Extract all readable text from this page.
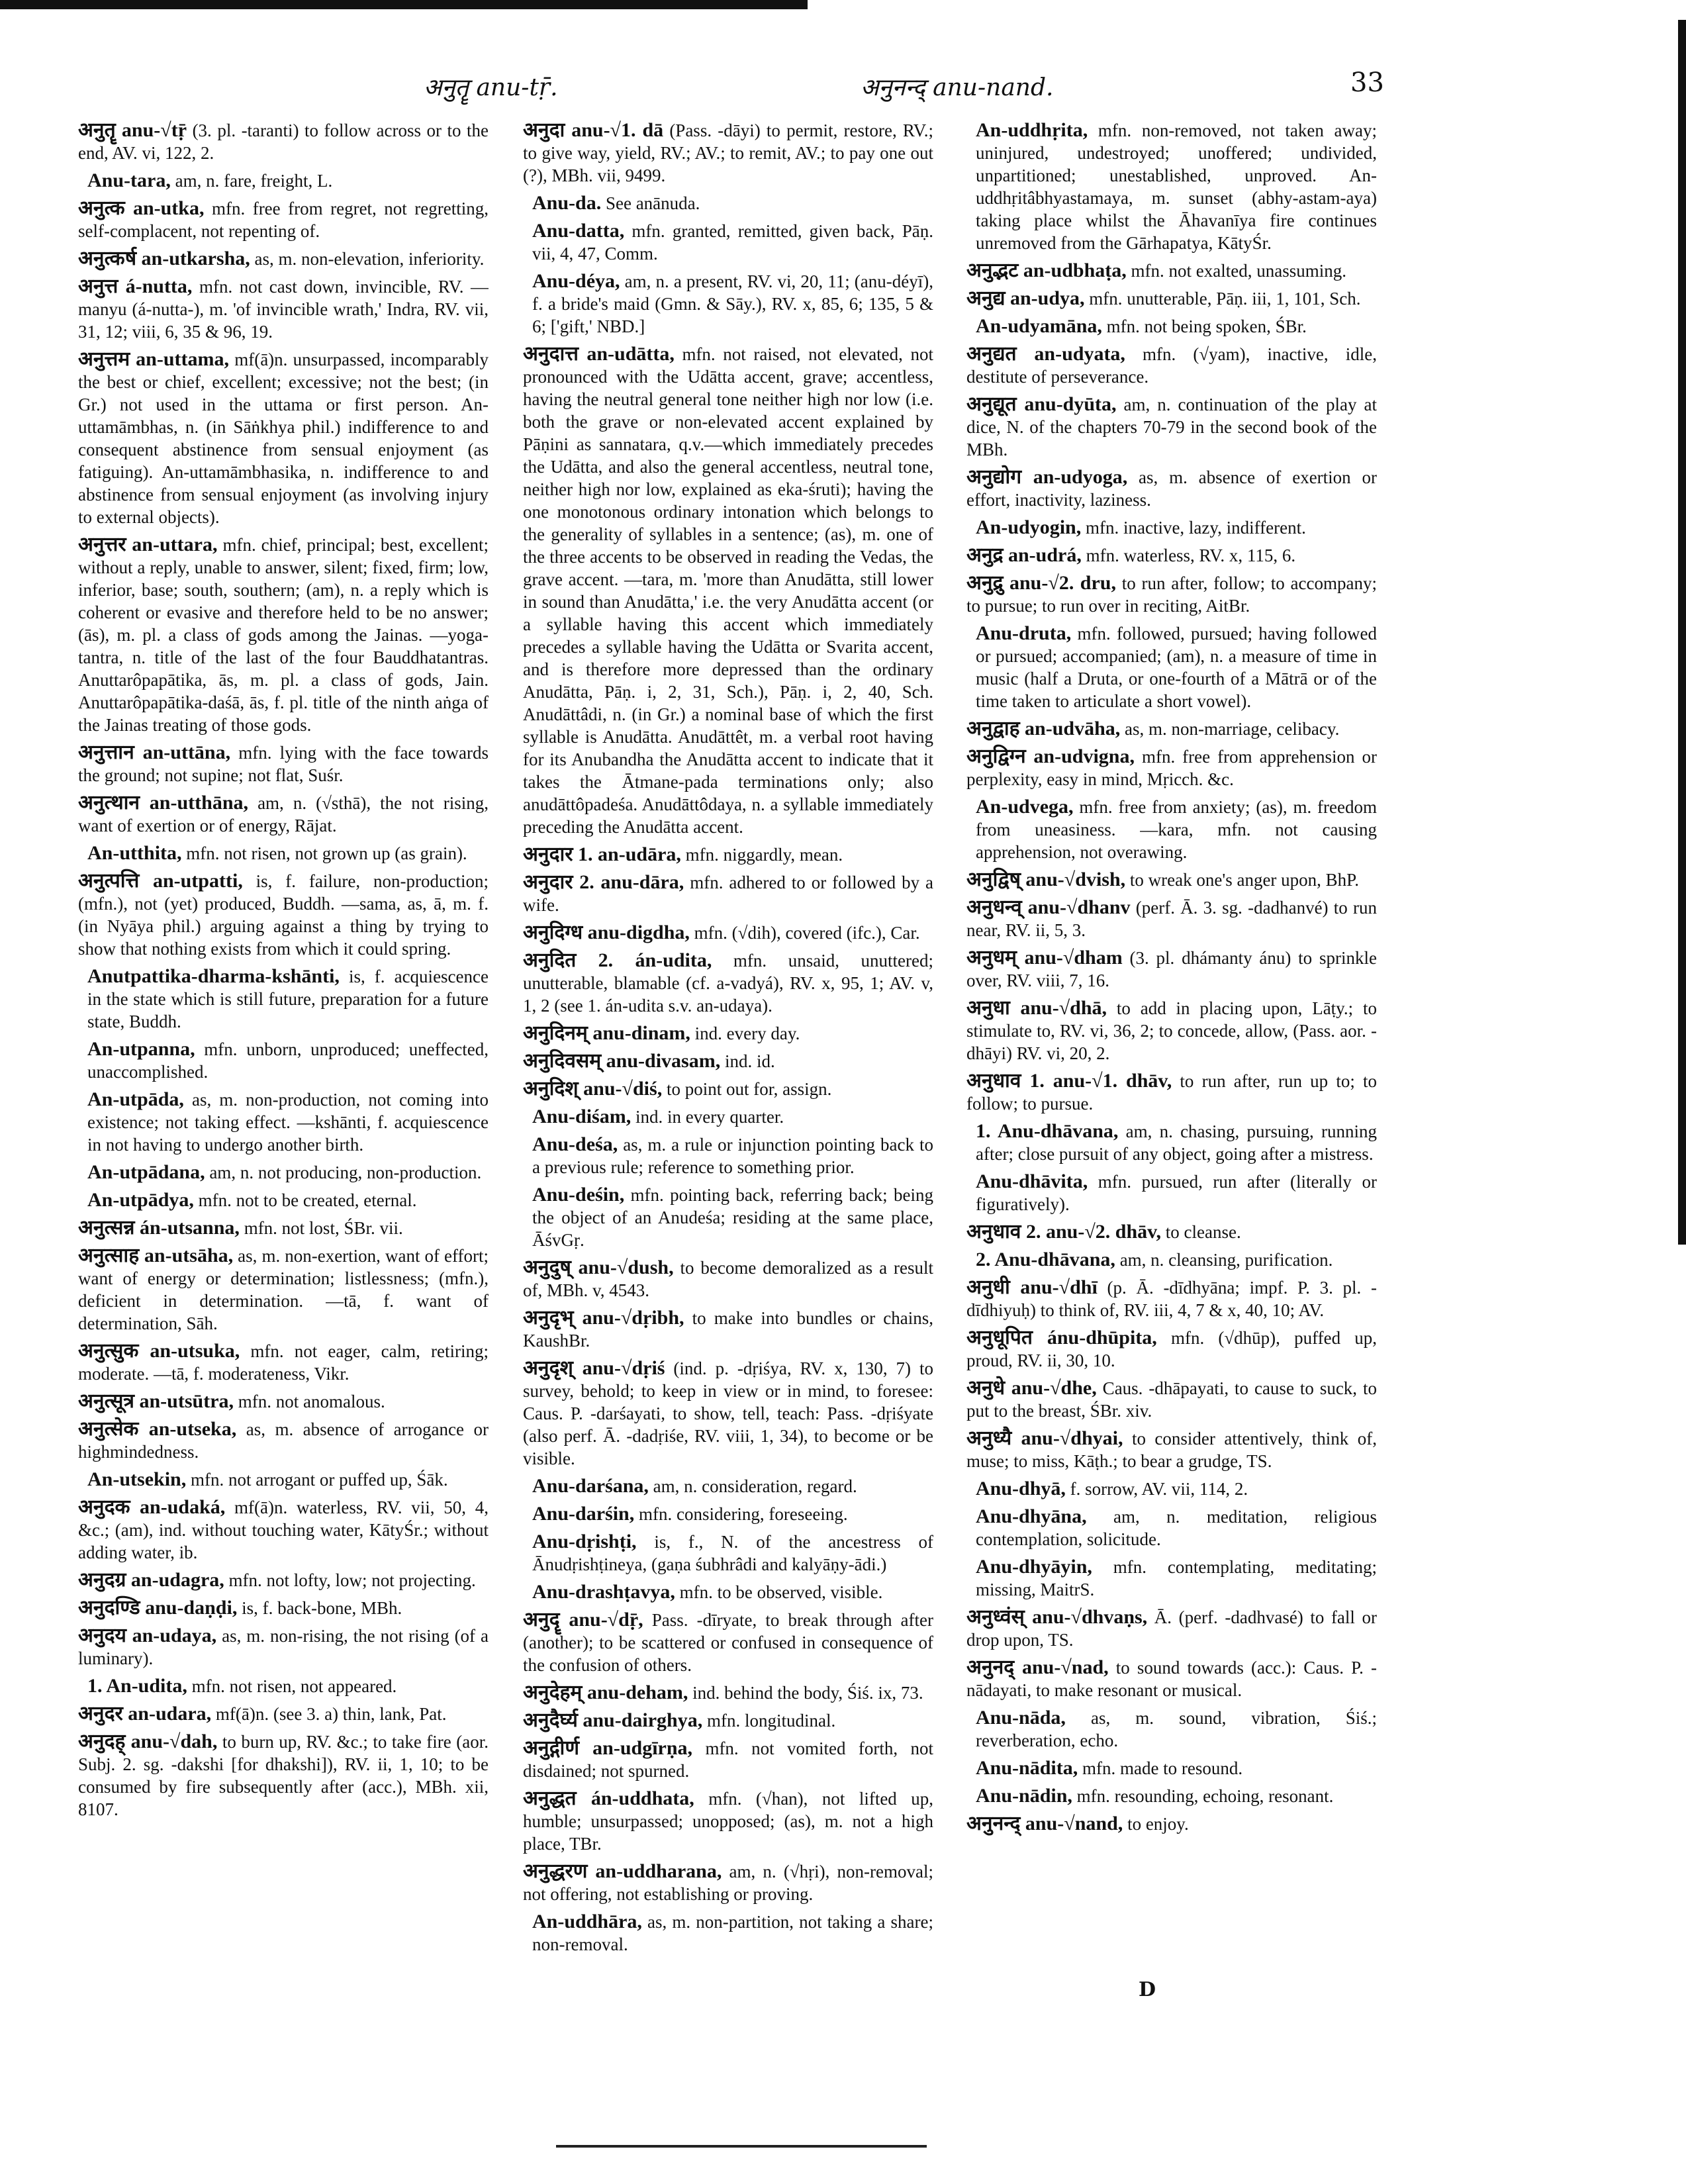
अनुतॄ anu-tṝ.	अनुनन्द् anu-nand.	33

अनुतॄ anu-√tṝ (3. pl. -taranti) to follow across or to the end, AV. vi, 122, 2.

Anu-tara, am, n. fare, freight, L.

अनुत्क an-utka, mfn. free from regret, not regretting, self-complacent, not repenting of.

अनुत्कर्ष an-utkarsha, as, m. non-elevation, inferiority.

अनुत्त á-nutta, mfn. not cast down, invincible, RV. — manyu (á-nutta-), m. 'of invincible wrath,' Indra, RV. vii, 31, 12; viii, 6, 35 & 96, 19.

अनुत्तम an-uttama, mf(ā)n. unsurpassed, incomparably the best or chief, excellent; excessive; not the best; (in Gr.) not used in the uttama or first person. An-uttamāmbhas, n. (in Sāṅkhya phil.) indifference to and consequent abstinence from sensual enjoyment (as fatiguing). An-uttamāmbhasika, n. indifference to and abstinence from sensual enjoyment (as involving injury to external objects).

अनुत्तर an-uttara, mfn. chief, principal; best, excellent; without a reply, unable to answer, silent; fixed, firm; low, inferior, base; south, southern; (am), n. a reply which is coherent or evasive and therefore held to be no answer; (ās), m. pl. a class of gods among the Jainas. —yoga-tantra, n. title of the last of the four Bauddhatantras. Anuttarôpapātika, ās, m. pl. a class of gods, Jain. Anuttarôpapātika-daśā, ās, f. pl. title of the ninth aṅga of the Jainas treating of those gods.

अनुत्तान an-uttāna, mfn. lying with the face towards the ground; not supine; not flat, Suśr.

अनुत्थान an-utthāna, am, n. (√sthā), the not rising, want of exertion or of energy, Rājat.

An-utthita, mfn. not risen, not grown up (as grain).

अनुत्पत्ति an-utpatti, is, f. failure, non-production; (mfn.), not (yet) produced, Buddh. —sama, as, ā, m. f. (in Nyāya phil.) arguing against a thing by trying to show that nothing exists from which it could spring.

Anutpattika-dharma-kshānti, is, f. acquiescence in the state which is still future, preparation for a future state, Buddh.

An-utpanna, mfn. unborn, unproduced; uneffected, unaccomplished.

An-utpāda, as, m. non-production, not coming into existence; not taking effect. —kshānti, f. acquiescence in not having to undergo another birth.

An-utpādana, am, n. not producing, non-production.

An-utpādya, mfn. not to be created, eternal.

अनुत्सन्न án-utsanna, mfn. not lost, ŚBr. vii.

अनुत्साह an-utsāha, as, m. non-exertion, want of effort; want of energy or determination; listlessness; (mfn.), deficient in determination. —tā, f. want of determination, Sāh.

अनुत्सुक an-utsuka, mfn. not eager, calm, retiring; moderate. —tā, f. moderateness, Vikr.

अनुत्सूत्र an-utsūtra, mfn. not anomalous.

अनुत्सेक an-utseka, as, m. absence of arrogance or highmindedness.

An-utsekin, mfn. not arrogant or puffed up, Śāk.

अनुदक an-udaká, mf(ā)n. waterless, RV. vii, 50, 4, &c.; (am), ind. without touching water, KātyŚr.; without adding water, ib.

अनुदग्र an-udagra, mfn. not lofty, low; not projecting.

अनुदण्डि anu-daṇḍi, is, f. back-bone, MBh.

अनुदय an-udaya, as, m. non-rising, the not rising (of a luminary).

1. An-udita, mfn. not risen, not appeared.

अनुदर an-udara, mf(ā)n. (see 3. a) thin, lank, Pat.

अनुदह् anu-√dah, to burn up, RV. &c.; to take fire (aor. Subj. 2. sg. -dakshi [for dhakshi]), RV. ii, 1, 10; to be consumed by fire subsequently after (acc.), MBh. xii, 8107.

अनुदा anu-√1. dā (Pass. -dāyi) to permit, restore, RV.; to give way, yield, RV.; AV.; to remit, AV.; to pay one out (?), MBh. vii, 9499.

Anu-da. See anānuda.

Anu-datta, mfn. granted, remitted, given back, Pāṇ. vii, 4, 47, Comm.

Anu-déya, am, n. a present, RV. vi, 20, 11; (anu-déyī), f. a bride's maid (Gmn. & Sāy.), RV. x, 85, 6; 135, 5 & 6; ['gift,' NBD.]

अनुदात्त an-udātta, mfn. not raised, not elevated, not pronounced with the Udātta accent, grave; accentless, having the neutral general tone neither high nor low (i.e. both the grave or non-elevated accent explained by Pāṇini as sannatara, q.v.—which immediately precedes the Udātta, and also the general accentless, neutral tone, neither high nor low, explained as eka-śruti); having the one monotonous ordinary intonation which belongs to the generality of syllables in a sentence; (as), m. one of the three accents to be observed in reading the Vedas, the grave accent. —tara, m. 'more than Anudātta, still lower in sound than Anudātta,' i.e. the very Anudātta accent (or a syllable having this accent which immediately precedes a syllable having the Udātta or Svarita accent, and is therefore more depressed than the ordinary Anudātta, Pāṇ. i, 2, 31, Sch.), Pāṇ. i, 2, 40, Sch. Anudāttâdi, n. (in Gr.) a nominal base of which the first syllable is Anudātta. Anudāttêt, m. a verbal root having for its Anubandha the Anudātta accent to indicate that it takes the Ātmane-pada terminations only; also anudāttôpadeśa. Anudāttôdaya, n. a syllable immediately preceding the Anudātta accent.

अनुदार 1. an-udāra, mfn. niggardly, mean.

अनुदार 2. anu-dāra, mfn. adhered to or followed by a wife.

अनुदिग्ध anu-digdha, mfn. (√dih), covered (ifc.), Car.

अनुदित 2. án-udita, mfn. unsaid, unuttered; unutterable, blamable (cf. a-vadyá), RV. x, 95, 1; AV. v, 1, 2 (see 1. án-udita s.v. an-udaya).

अनुदिनम् anu-dinam, ind. every day.

अनुदिवसम् anu-divasam, ind. id.

अनुदिश् anu-√diś, to point out for, assign.

Anu-diśam, ind. in every quarter.

Anu-deśa, as, m. a rule or injunction pointing back to a previous rule; reference to something prior.

Anu-deśin, mfn. pointing back, referring back; being the object of an Anudeśa; residing at the same place, ĀśvGṛ.

अनुदुष् anu-√dush, to become demoralized as a result of, MBh. v, 4543.

अनुदृभ् anu-√dṛibh, to make into bundles or chains, KaushBr.

अनुदृश् anu-√dṛiś (ind. p. -dṛiśya, RV. x, 130, 7) to survey, behold; to keep in view or in mind, to foresee: Caus. P. -darśayati, to show, tell, teach: Pass. -dṛiśyate (also perf. Ā. -dadṛiśe, RV. viii, 1, 34), to become or be visible.

Anu-darśana, am, n. consideration, regard.

Anu-darśin, mfn. considering, foreseeing.

Anu-dṛishṭi, is, f., N. of the ancestress of Ānudṛishṭineya, (gaṇa śubhrâdi and kalyāṇy-ādi.)

Anu-drashṭavya, mfn. to be observed, visible.

अनुदॄ anu-√dṝ, Pass. -dīryate, to break through after (another); to be scattered or confused in consequence of the confusion of others.

अनुदेहम् anu-deham, ind. behind the body, Śiś. ix, 73.

अनुदैर्घ्य anu-dairghya, mfn. longitudinal.

अनुद्गीर्ण an-udgīrṇa, mfn. not vomited forth, not disdained; not spurned.

अनुद्धत án-uddhata, mfn. (√han), not lifted up, humble; unsurpassed; unopposed; (as), m. not a high place, TBr.

अनुद्धरण an-uddharana, am, n. (√hṛi), non-removal; not offering, not establishing or proving.

An-uddhāra, as, m. non-partition, not taking a share; non-removal.

An-uddhṛita, mfn. non-removed, not taken away; uninjured, undestroyed; unoffered; undivided, unpartitioned; unestablished, unproved. An-uddhṛitâbhyastamaya, m. sunset (abhy-astam-aya) taking place whilst the Āhavanīya fire continues unremoved from the Gārhapatya, KātyŚr.

अनुद्भट an-udbhaṭa, mfn. not exalted, unassuming.

अनुद्य an-udya, mfn. unutterable, Pāṇ. iii, 1, 101, Sch.

An-udyamāna, mfn. not being spoken, ŚBr.

अनुद्यत an-udyata, mfn. (√yam), inactive, idle, destitute of perseverance.

अनुद्यूत anu-dyūta, am, n. continuation of the play at dice, N. of the chapters 70-79 in the second book of the MBh.

अनुद्योग an-udyoga, as, m. absence of exertion or effort, inactivity, laziness.

An-udyogin, mfn. inactive, lazy, indifferent.

अनुद्र an-udrá, mfn. waterless, RV. x, 115, 6.

अनुद्रु anu-√2. dru, to run after, follow; to accompany; to pursue; to run over in reciting, AitBr.

Anu-druta, mfn. followed, pursued; having followed or pursued; accompanied; (am), n. a measure of time in music (half a Druta, or one-fourth of a Mātrā or of the time taken to articulate a short vowel).

अनुद्वाह an-udvāha, as, m. non-marriage, celibacy.

अनुद्विग्न an-udvigna, mfn. free from apprehension or perplexity, easy in mind, Mṛicch. &c.

An-udvega, mfn. free from anxiety; (as), m. freedom from uneasiness. —kara, mfn. not causing apprehension, not overawing.

अनुद्विष् anu-√dvish, to wreak one's anger upon, BhP.

अनुधन्व् anu-√dhanv (perf. Ā. 3. sg. -dadhanvé) to run near, RV. ii, 5, 3.

अनुधम् anu-√dham (3. pl. dhámanty ánu) to sprinkle over, RV. viii, 7, 16.

अनुधा anu-√dhā, to add in placing upon, Lāṭy.; to stimulate to, RV. vi, 36, 2; to concede, allow, (Pass. aor. -dhāyi) RV. vi, 20, 2.

अनुधाव 1. anu-√1. dhāv, to run after, run up to; to follow; to pursue.

1. Anu-dhāvana, am, n. chasing, pursuing, running after; close pursuit of any object, going after a mistress.

Anu-dhāvita, mfn. pursued, run after (literally or figuratively).

अनुधाव 2. anu-√2. dhāv, to cleanse.

2. Anu-dhāvana, am, n. cleansing, purification.

अनुधी anu-√dhī (p. Ā. -dīdhyāna; impf. P. 3. pl. -dīdhiyuḥ) to think of, RV. iii, 4, 7 & x, 40, 10; AV.

अनुधूपित ánu-dhūpita, mfn. (√dhūp), puffed up, proud, RV. ii, 30, 10.

अनुधे anu-√dhe, Caus. -dhāpayati, to cause to suck, to put to the breast, ŚBr. xiv.

अनुध्यै anu-√dhyai, to consider attentively, think of, muse; to miss, Kāṭh.; to bear a grudge, TS.

Anu-dhyā, f. sorrow, AV. vii, 114, 2.

Anu-dhyāna, am, n. meditation, religious contemplation, solicitude.

Anu-dhyāyin, mfn. contemplating, meditating; missing, MaitrS.

अनुध्वंस् anu-√dhvaṇs, Ā. (perf. -dadhvasé) to fall or drop upon, TS.

अनुनद् anu-√nad, to sound towards (acc.): Caus. P. -nādayati, to make resonant or musical.

Anu-nāda, as, m. sound, vibration, Śiś.; reverberation, echo.

Anu-nādita, mfn. made to resound.

Anu-nādin, mfn. resounding, echoing, resonant.

अनुनन्द् anu-√nand, to enjoy.

D
